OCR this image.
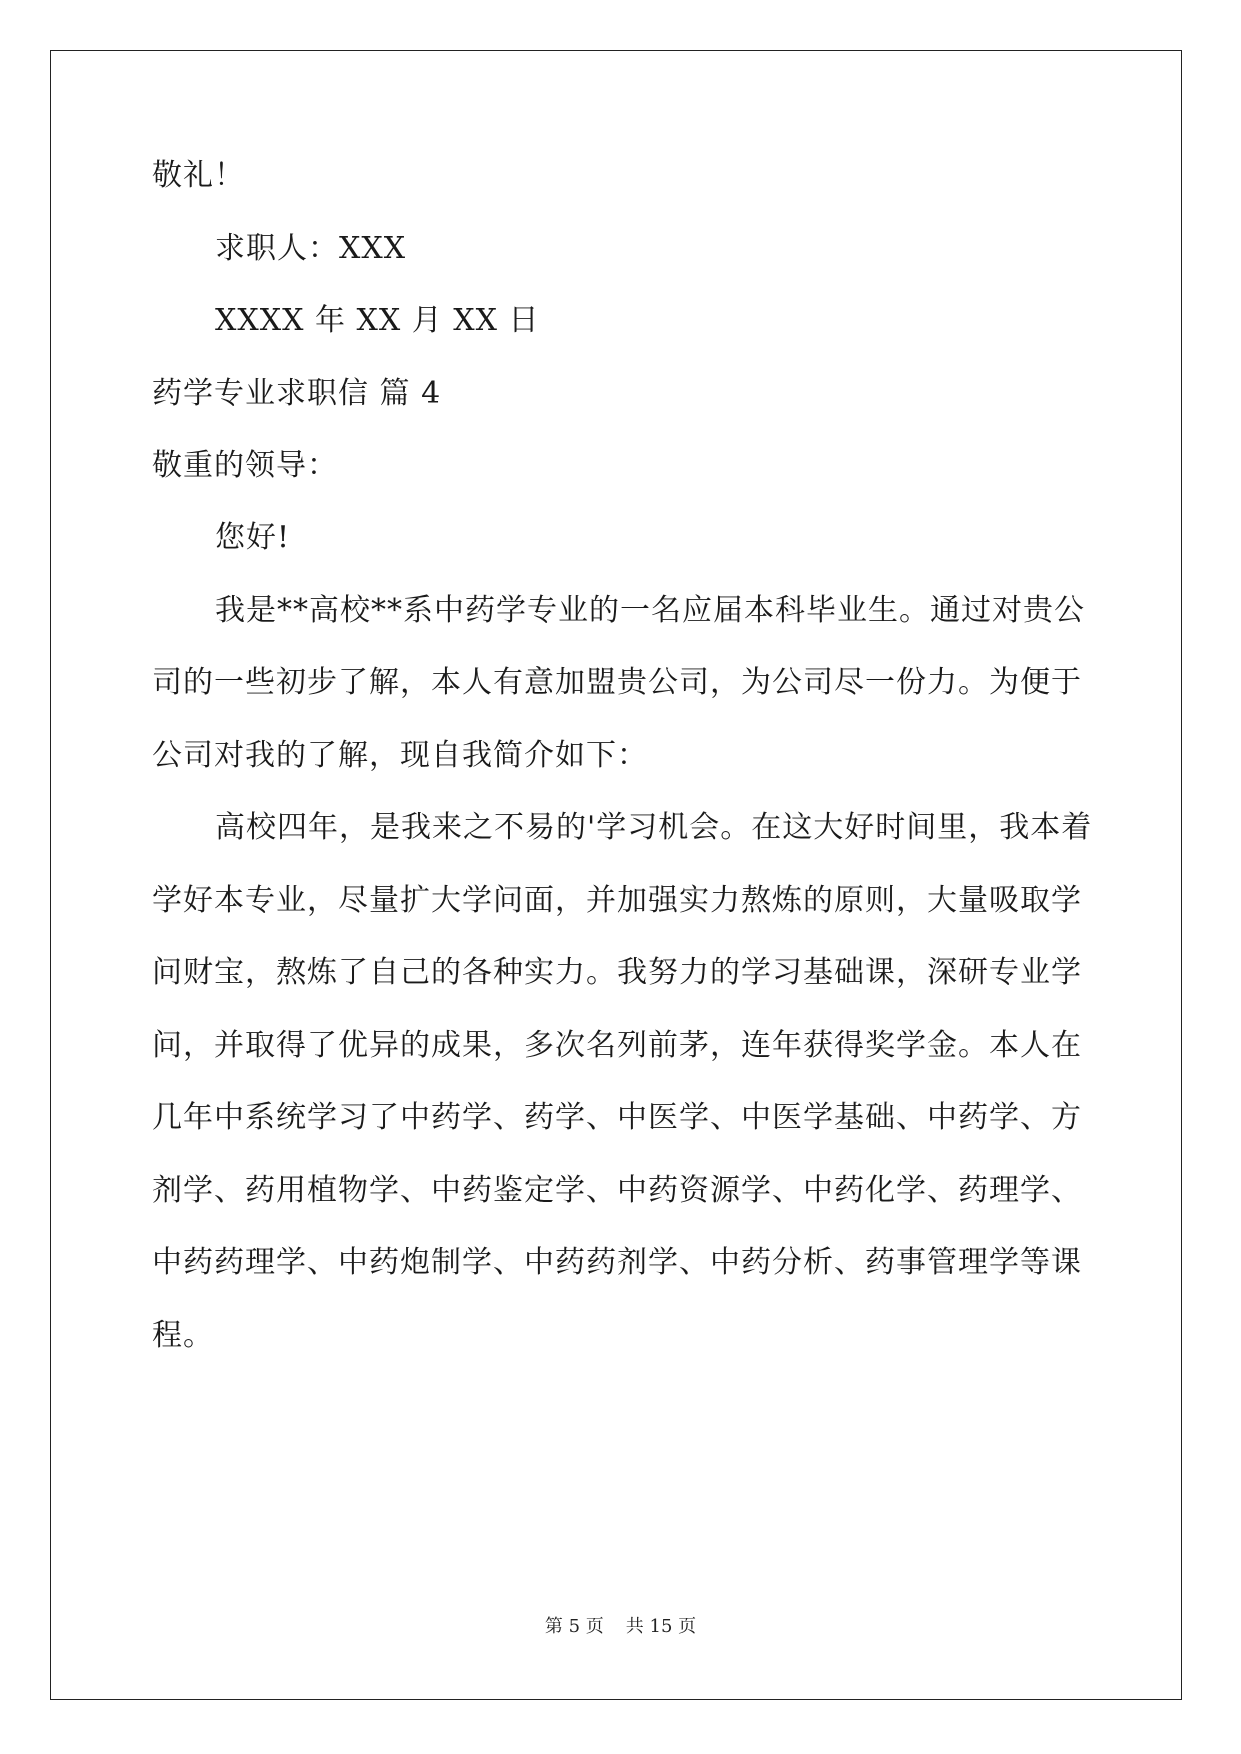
敬礼！
求职人：XXX
XXXX 年 XX 月 XX 日
药学专业求职信 篇 4
敬重的领导：
您好!
我是**高校**系中药学专业的一名应届本科毕业生。通过对贵公
司的一些初步了解，本人有意加盟贵公司，为公司尽一份力。为便于
公司对我的了解，现自我简介如下：
高校四年，是我来之不易的'学习机会。在这大好时间里，我本着
学好本专业，尽量扩大学问面，并加强实力熬炼的原则，大量吸取学
问财宝，熬炼了自己的各种实力。我努力的学习基础课，深研专业学
问，并取得了优异的成果，多次名列前茅，连年获得奖学金。本人在
几年中系统学习了中药学、药学、中医学、中医学基础、中药学、方
剂学、药用植物学、中药鉴定学、中药资源学、中药化学、药理学、
中药药理学、中药炮制学、中药药剂学、中药分析、药事管理学等课
程。
第 5 页 共 15 页
